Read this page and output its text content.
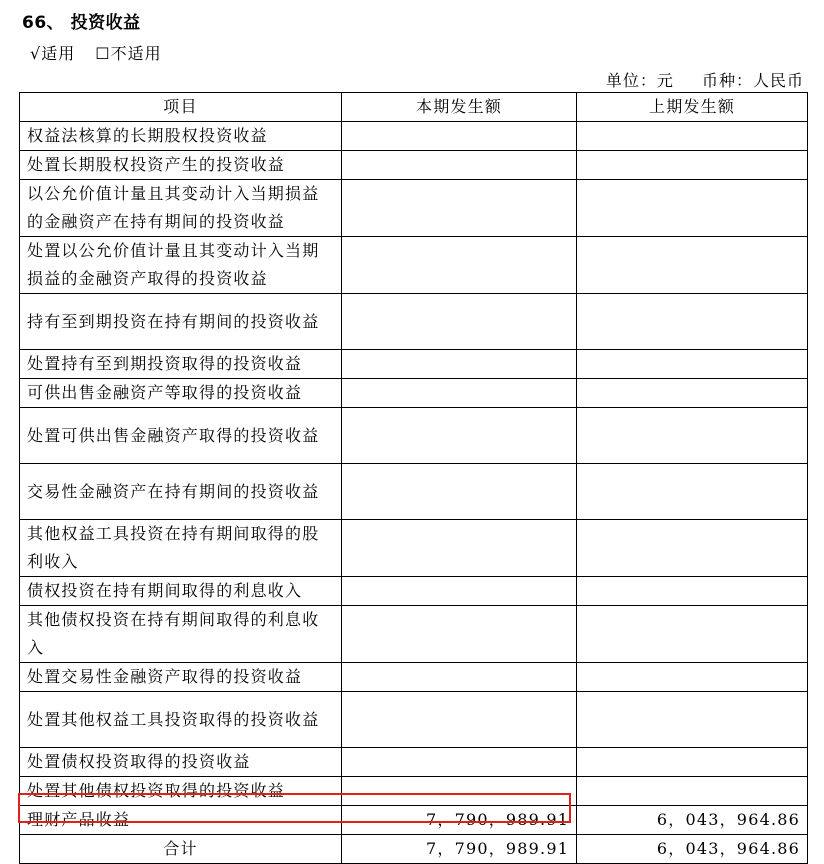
66、 投资收益
√适用 ☐不适用
单位：元 币种：人民币
项目	本期发生额	上期发生额
权益法核算的长期股权投资收益		
处置长期股权投资产生的投资收益		
以公允价值计量且其变动计入当期损益的金融资产在持有期间的投资收益		
处置以公允价值计量且其变动计入当期损益的金融资产取得的投资收益		
持有至到期投资在持有期间的投资收益		
处置持有至到期投资取得的投资收益		
可供出售金融资产等取得的投资收益		
处置可供出售金融资产取得的投资收益		
交易性金融资产在持有期间的投资收益		
其他权益工具投资在持有期间取得的股利收入		
债权投资在持有期间取得的利息收入		
其他债权投资在持有期间取得的利息收入		
处置交易性金融资产取得的投资收益		
处置其他权益工具投资取得的投资收益		
处置债权投资取得的投资收益		
处置其他债权投资取得的投资收益		
理财产品收益	7，790，989.91	6，043，964.86
合计	7，790，989.91	6，043，964.86
